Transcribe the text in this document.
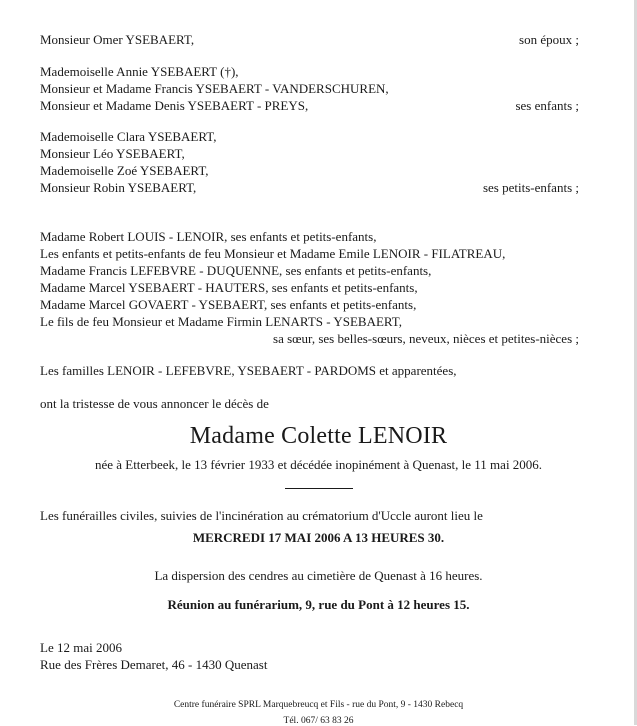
Monsieur Omer YSEBAERT,	son époux ;
Mademoiselle Annie YSEBAERT (†),
Monsieur et Madame Francis YSEBAERT - VANDERSCHUREN,
Monsieur et Madame Denis YSEBAERT - PREYS,	ses enfants ;
Mademoiselle Clara YSEBAERT,
Monsieur Léo YSEBAERT,
Mademoiselle Zoé YSEBAERT,
Monsieur Robin YSEBAERT,	ses petits-enfants ;
Madame Robert LOUIS - LENOIR, ses enfants et petits-enfants,
Les enfants et petits-enfants de feu Monsieur et Madame Emile LENOIR - FILATREAU,
Madame Francis LEFEBVRE - DUQUENNE, ses enfants et petits-enfants,
Madame Marcel YSEBAERT - HAUTERS, ses enfants et petits-enfants,
Madame Marcel GOVAERT - YSEBAERT, ses enfants et petits-enfants,
Le fils de feu Monsieur et Madame Firmin LENARTS - YSEBAERT,
sa sœur, ses belles-sœurs, neveux, nièces et petites-nièces ;
Les familles LENOIR - LEFEBVRE, YSEBAERT - PARDOMS et apparentées,
ont la tristesse de vous annoncer le décès de
Madame Colette LENOIR
née à Etterbeek, le 13 février 1933 et décédée inopinément à Quenast, le 11 mai 2006.
Les funérailles civiles, suivies de l'incinération au crématorium d'Uccle auront lieu le
MERCREDI 17 MAI 2006 A 13 HEURES 30.
La dispersion des cendres au cimetière de Quenast à 16 heures.
Réunion au funérarium, 9, rue du Pont à 12 heures 15.
Le 12 mai 2006
Rue des Frères Demaret, 46 - 1430 Quenast
Centre funéraire SPRL Marquebreucq et Fils - rue du Pont, 9 - 1430 Rebecq
Tél. 067/ 63 83 26
